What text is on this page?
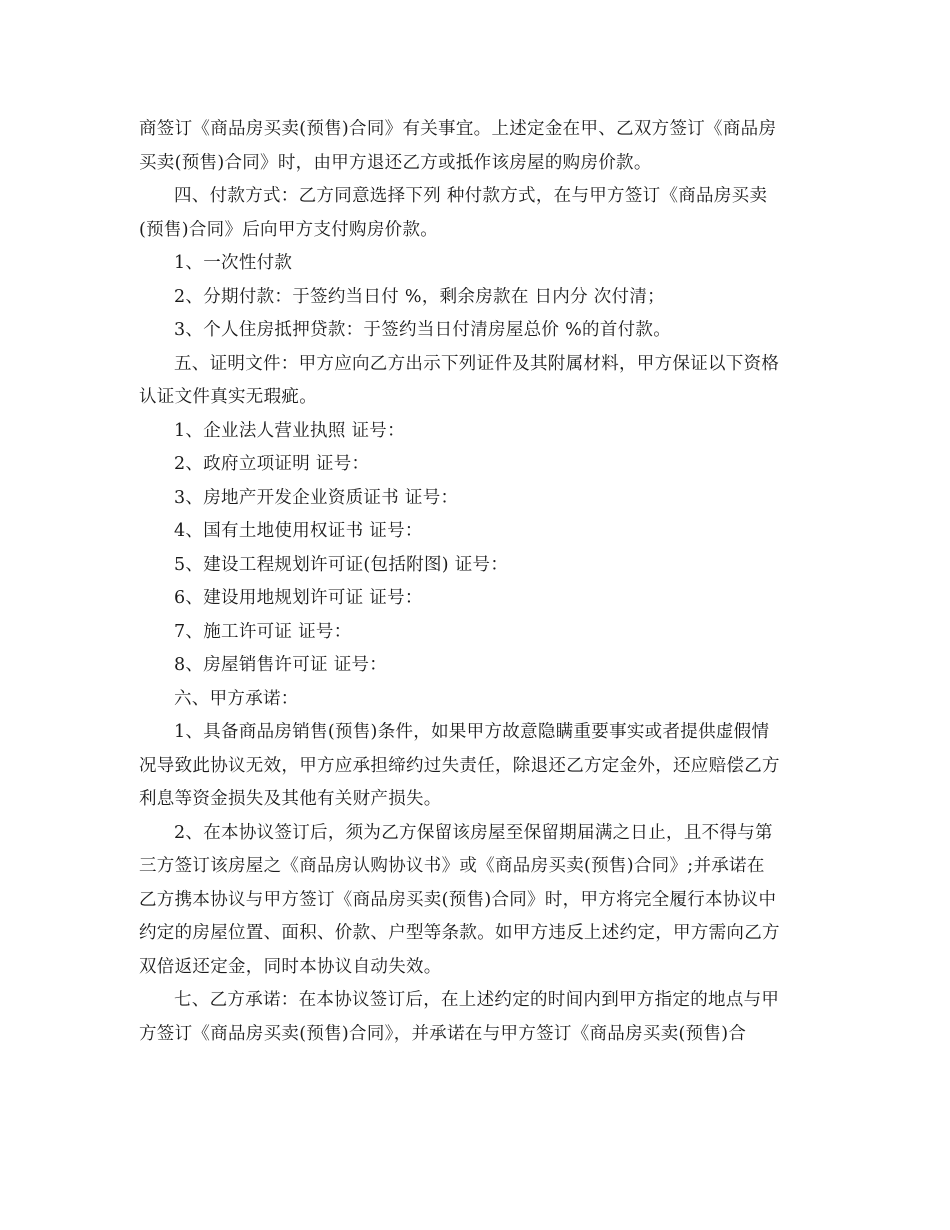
商签订《商品房买卖(预售)合同》有关事宜。上述定金在甲、乙双方签订《商品房
买卖(预售)合同》时，由甲方退还乙方或抵作该房屋的购房价款。
四、付款方式：乙方同意选择下列 种付款方式，在与甲方签订《商品房买卖
(预售)合同》后向甲方支付购房价款。
1、一次性付款
2、分期付款：于签约当日付 %，剩余房款在 日内分 次付清；
3、个人住房抵押贷款：于签约当日付清房屋总价 %的首付款。
五、证明文件：甲方应向乙方出示下列证件及其附属材料，甲方保证以下资格
认证文件真实无瑕疵。
1、企业法人营业执照 证号：
2、政府立项证明 证号：
3、房地产开发企业资质证书 证号：
4、国有土地使用权证书 证号：
5、建设工程规划许可证(包括附图) 证号：
6、建设用地规划许可证 证号：
7、施工许可证 证号：
8、房屋销售许可证 证号：
六、甲方承诺：
1、具备商品房销售(预售)条件，如果甲方故意隐瞒重要事实或者提供虚假情
况导致此协议无效，甲方应承担缔约过失责任，除退还乙方定金外，还应赔偿乙方
利息等资金损失及其他有关财产损失。
2、在本协议签订后，须为乙方保留该房屋至保留期届满之日止，且不得与第
三方签订该房屋之《商品房认购协议书》或《商品房买卖(预售)合同》;并承诺在
乙方携本协议与甲方签订《商品房买卖(预售)合同》时，甲方将完全履行本协议中
约定的房屋位置、面积、价款、户型等条款。如甲方违反上述约定，甲方需向乙方
双倍返还定金，同时本协议自动失效。
七、乙方承诺：在本协议签订后，在上述约定的时间内到甲方指定的地点与甲
方签订《商品房买卖(预售)合同》，并承诺在与甲方签订《商品房买卖(预售)合
